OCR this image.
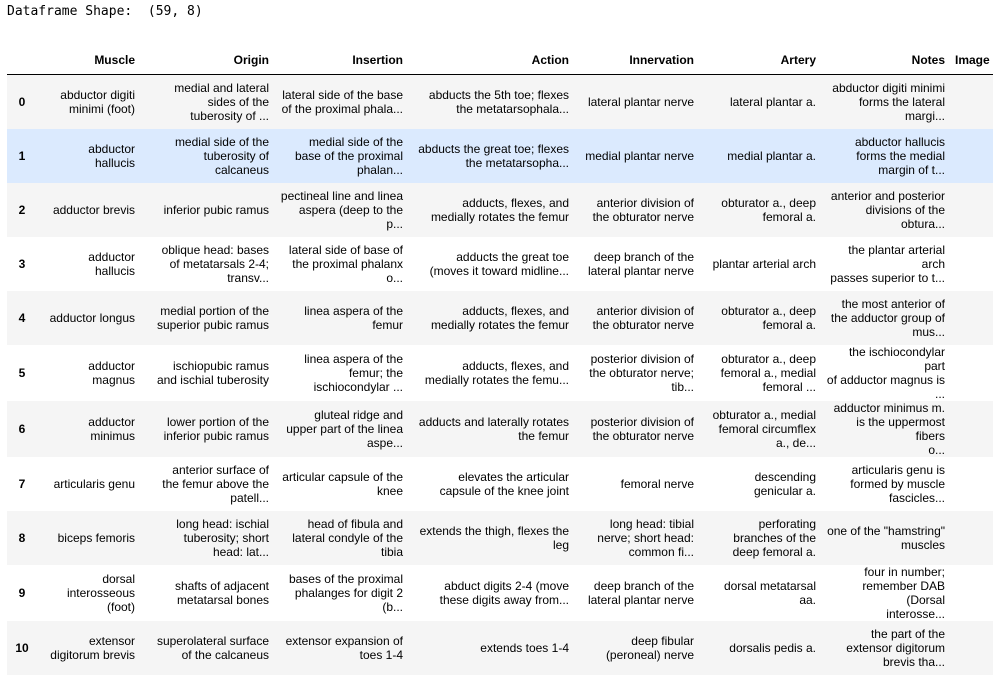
Dataframe Shape:  (59, 8)
	Muscle	Origin	Insertion	Action	Innervation	Artery	Notes	Image
0	abductor digiti
minimi (foot)	medial and lateral
sides of the
tuberosity of ...	lateral side of the base
of the proximal phala...	abducts the 5th toe; flexes
the metatarsophala...	lateral plantar nerve	lateral plantar a.	abductor digiti minimi
forms the lateral
margi...	
1	abductor
hallucis	medial side of the
tuberosity of
calcaneus	medial side of the
base of the proximal
phalan...	abducts the great toe; flexes
the metatarsopha...	medial plantar nerve	medial plantar a.	abductor hallucis
forms the medial
margin of t...	
2	adductor brevis	inferior pubic ramus	pectineal line and linea
aspera (deep to the
p...	adducts, flexes, and
medially rotates the femur	anterior division of
the obturator nerve	obturator a., deep
femoral a.	anterior and posterior
divisions of the
obtura...	
3	adductor
hallucis	oblique head: bases
of metatarsals 2-4;
transv...	lateral side of base of
the proximal phalanx
o...	adducts the great toe
(moves it toward midline...	deep branch of the
lateral plantar nerve	plantar arterial arch	the plantar arterial arch
passes superior to t...	
4	adductor longus	medial portion of the
superior pubic ramus	linea aspera of the
femur	adducts, flexes, and
medially rotates the femur	anterior division of
the obturator nerve	obturator a., deep
femoral a.	the most anterior of
the adductor group of
mus...	
5	adductor
magnus	ischiopubic ramus
and ischial tuberosity	linea aspera of the
femur; the
ischiocondylar ...	adducts, flexes, and
medially rotates the femu...	posterior division of
the obturator nerve;
tib...	obturator a., deep
femoral a., medial
femoral ...	the ischiocondylar part
of adductor magnus is
...	
6	adductor
minimus	lower portion of the
inferior pubic ramus	gluteal ridge and
upper part of the linea
aspe...	adducts and laterally rotates
the femur	posterior division of
the obturator nerve	obturator a., medial
femoral circumflex
a., de...	adductor minimus m.
is the uppermost fibers
o...	
7	articularis genu	anterior surface of
the femur above the
patell...	articular capsule of the
knee	elevates the articular
capsule of the knee joint	femoral nerve	descending
genicular a.	articularis genu is
formed by muscle
fascicles...	
8	biceps femoris	long head: ischial
tuberosity; short
head: lat...	head of fibula and
lateral condyle of the
tibia	extends the thigh, flexes the
leg	long head: tibial
nerve; short head:
common fi...	perforating
branches of the
deep femoral a.	one of the "hamstring"
muscles	
9	dorsal
interosseous
(foot)	shafts of adjacent
metatarsal bones	bases of the proximal
phalanges for digit 2
(b...	abduct digits 2-4 (move
these digits away from...	deep branch of the
lateral plantar nerve	dorsal metatarsal
aa.	four in number;
remember DAB (Dorsal
interosse...	
10	extensor
digitorum brevis	superolateral surface
of the calcaneus	extensor expansion of
toes 1-4	extends toes 1-4	deep fibular
(peroneal) nerve	dorsalis pedis a.	the part of the
extensor digitorum
brevis tha...	
